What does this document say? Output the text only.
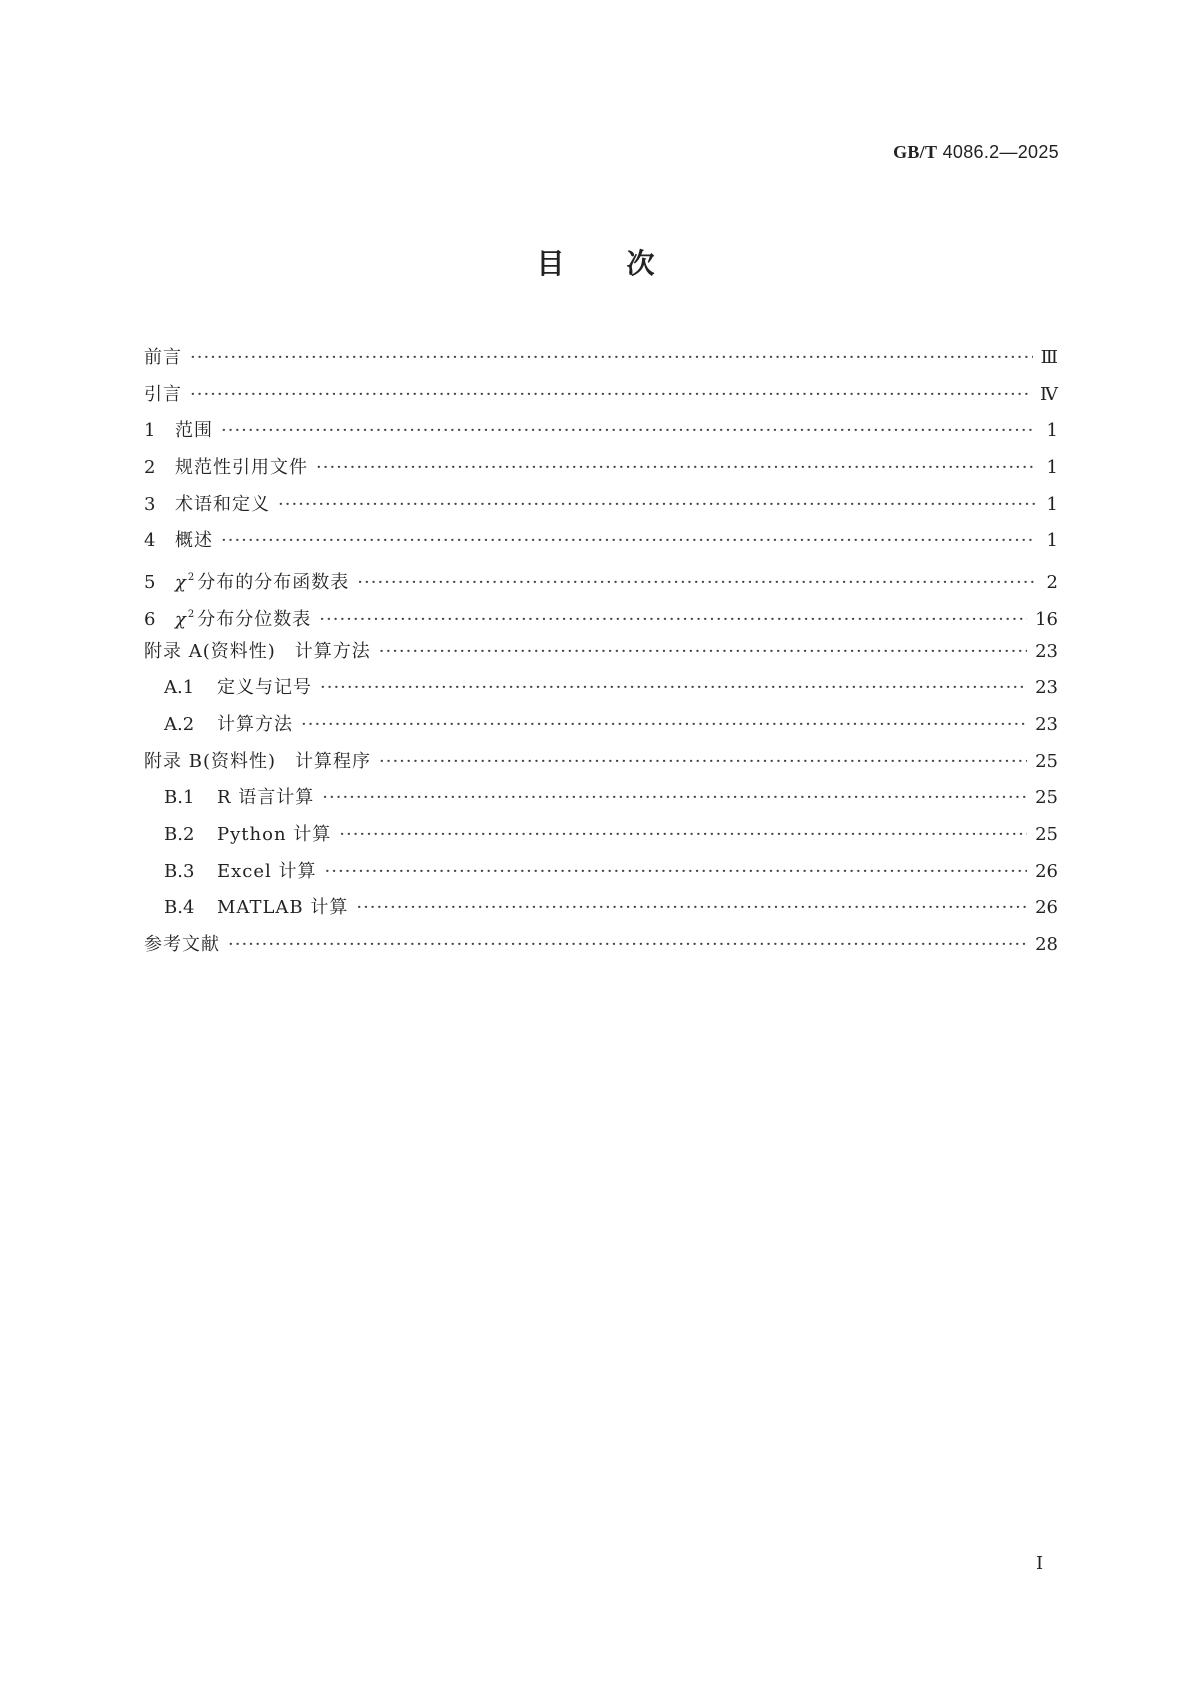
GB/T 4086.2—2025
目次
前言 ·····	Ⅲ
引言 ·····	Ⅳ
1	范围 ·····	1
2	规范性引用文件 ·····	1
3	术语和定义 ·····	1
4	概述 ·····	1
5	$\chi^2$ 分布的分布函数表 ·····	2
6	$\chi^2$ 分布分位数表 ·····	16
附录 A(资料性)　计算方法 ·····	23
A.1	定义与记号 ·····	23
A.2	计算方法 ·····	23
附录 B(资料性)　计算程序 ·····	25
B.1	R 语言计算 ·····	25
B.2	Python 计算 ·····	25
B.3	Excel 计算 ·····	26
B.4	MATLAB 计算 ·····	26
参考文献 ·····	28
Ⅰ
